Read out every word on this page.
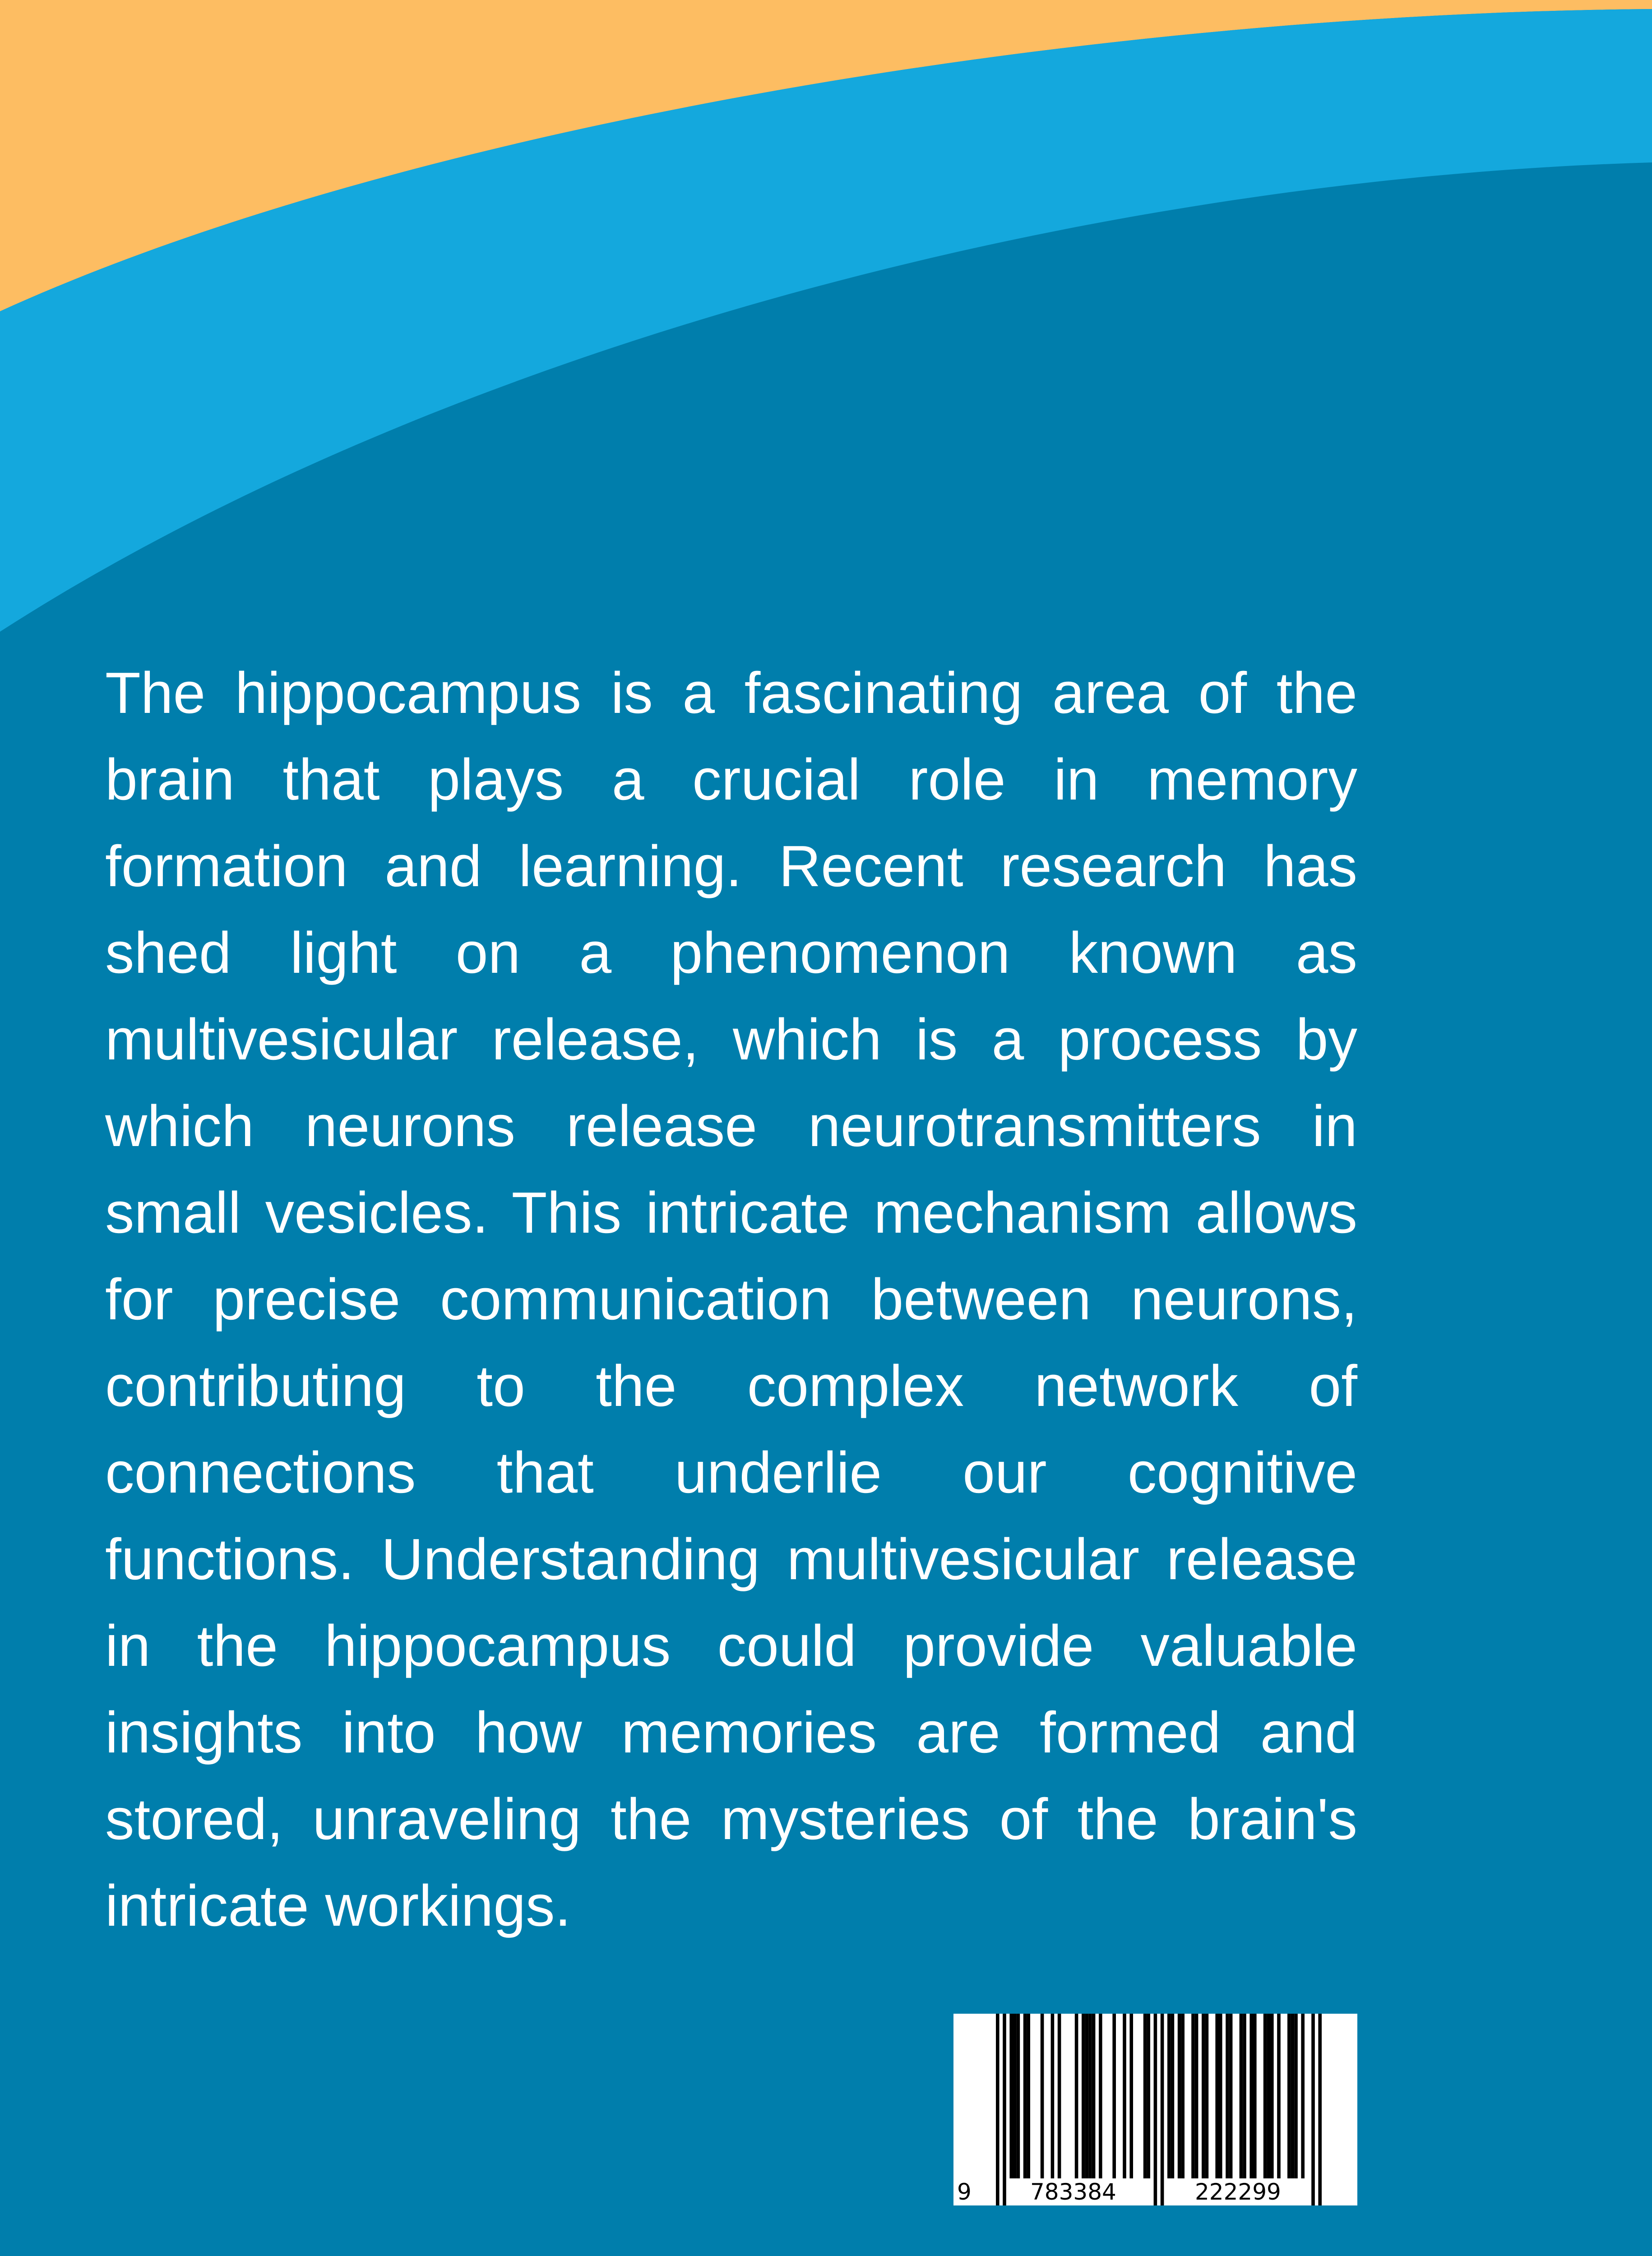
The hippocampus is a fascinating area of the brain that plays a crucial role in memory formation and learning. Recent research has shed light on a phenomenon known as multivesicular release, which is a process by which neurons release neurotransmitters in small vesicles. This intricate mechanism allows for precise communication between neurons, contributing to the complex network of connections that underlie our cognitive functions. Understanding multivesicular release in the hippocampus could provide valuable insights into how memories are formed and stored, unraveling the mysteries of the brain's intricate workings.

9	783384	222299
